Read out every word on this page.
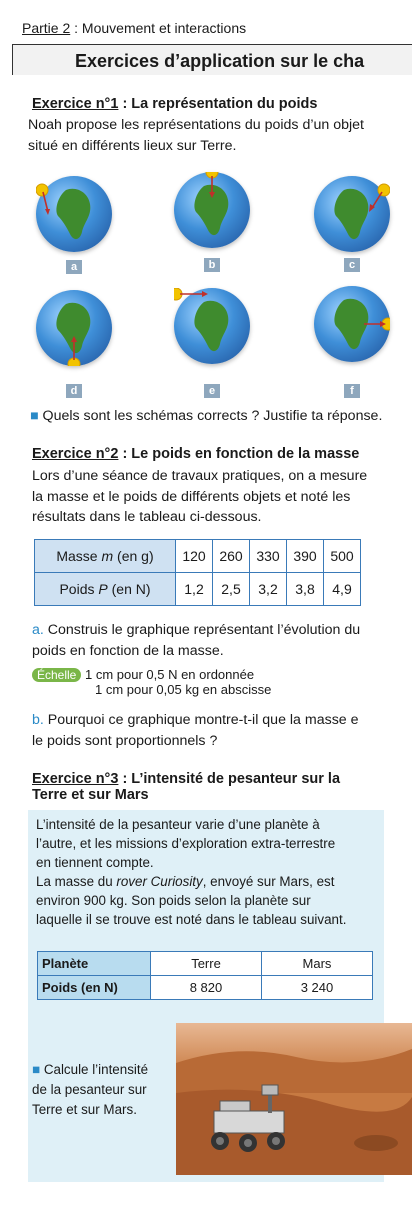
Partie 2 : Mouvement et interactions
Exercices d’application sur le cha
Exercice n°1 : La représentation du poids
Noah propose les représentations du poids d’un objet
situé en différents lieux sur Terre.
a	b	c
d	e	f
■ Quels sont les schémas corrects ? Justifie ta réponse.
Exercice n°2 : Le poids en fonction de la masse
Lors d’une séance de travaux pratiques, on a mesure
la masse et le poids de différents objets et noté les
résultats dans le tableau ci-dessous.
Masse m (en g)	120	260	330	390	500
Poids P (en N)	1,2	2,5	3,2	3,8	4,9
a. Construis le graphique représentant l’évolution du
poids en fonction de la masse.
Échelle 1 cm pour 0,5 N en ordonnée
1 cm pour 0,05 kg en abscisse
b. Pourquoi ce graphique montre-t-il que la masse e
le poids sont proportionnels ?
Exercice n°3 : L’intensité de pesanteur sur la
Terre et sur Mars
L’intensité de la pesanteur varie d’une planète à
l’autre, et les missions d’exploration extra-terrestre
en tiennent compte.
La masse du rover Curiosity, envoyé sur Mars, est
environ 900 kg. Son poids selon la planète sur
laquelle il se trouve est noté dans le tableau suivant.
Planète	Terre	Mars
Poids (en N)	8 820	3 240
■ Calcule l’intensité
de la pesanteur sur
Terre et sur Mars.
